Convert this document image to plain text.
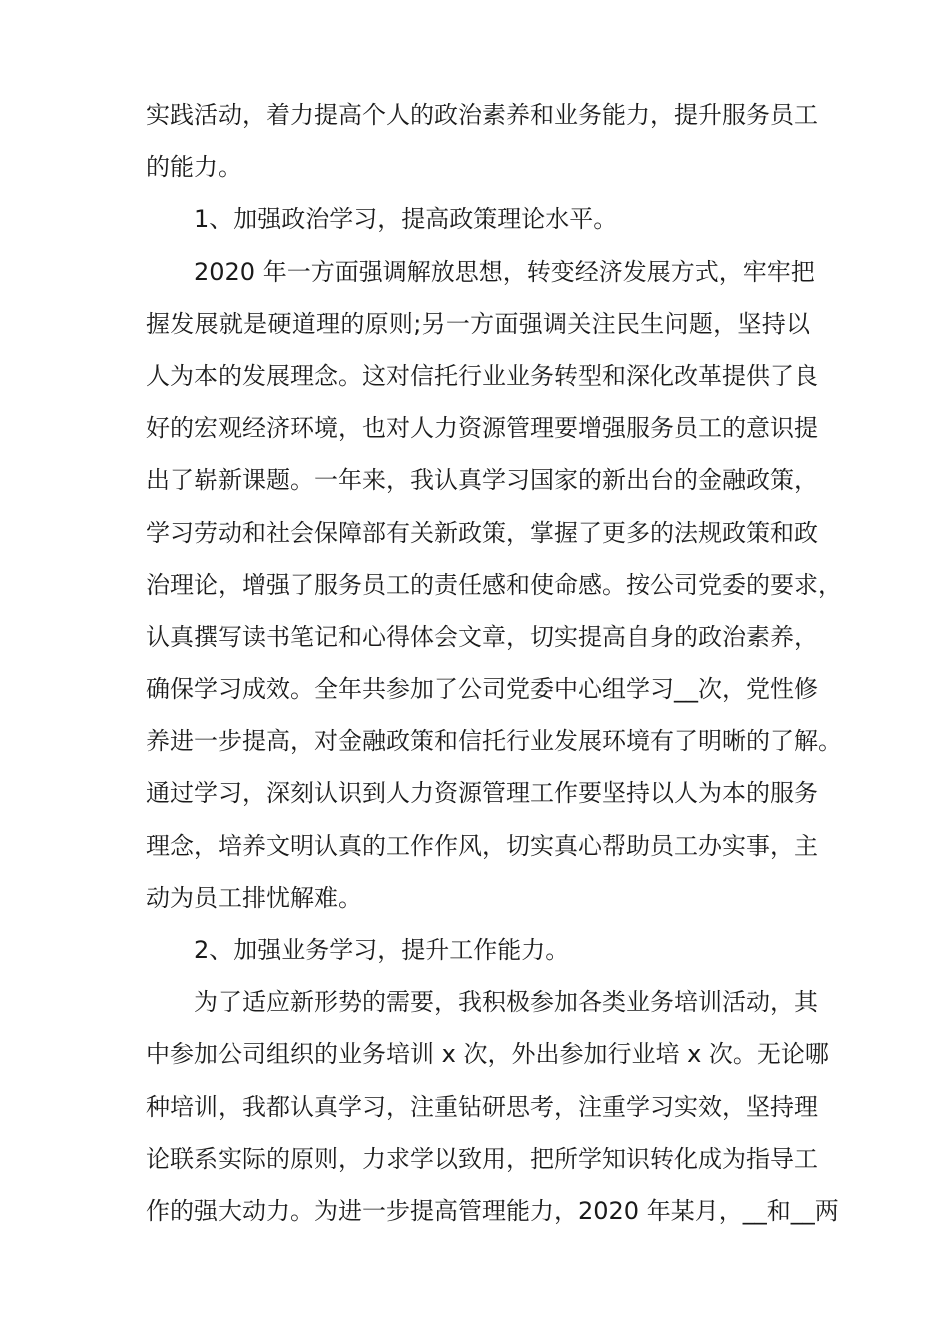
实践活动，着力提高个人的政治素养和业务能力，提升服务员工
的能力。
1、加强政治学习，提高政策理论水平。
2020 年一方面强调解放思想，转变经济发展方式，牢牢把
握发展就是硬道理的原则;另一方面强调关注民生问题，坚持以
人为本的发展理念。这对信托行业业务转型和深化改革提供了良
好的宏观经济环境，也对人力资源管理要增强服务员工的意识提
出了崭新课题。一年来，我认真学习国家的新出台的金融政策，
学习劳动和社会保障部有关新政策，掌握了更多的法规政策和政
治理论，增强了服务员工的责任感和使命感。按公司党委的要求，
认真撰写读书笔记和心得体会文章，切实提高自身的政治素养，
确保学习成效。全年共参加了公司党委中心组学习__次，党性修
养进一步提高，对金融政策和信托行业发展环境有了明晰的了解。
通过学习，深刻认识到人力资源管理工作要坚持以人为本的服务
理念，培养文明认真的工作作风，切实真心帮助员工办实事，主
动为员工排忧解难。
2、加强业务学习，提升工作能力。
为了适应新形势的需要，我积极参加各类业务培训活动，其
中参加公司组织的业务培训 x 次，外出参加行业培 x 次。无论哪
种培训，我都认真学习，注重钻研思考，注重学习实效，坚持理
论联系实际的原则，力求学以致用，把所学知识转化成为指导工
作的强大动力。为进一步提高管理能力，2020 年某月，__和__两
